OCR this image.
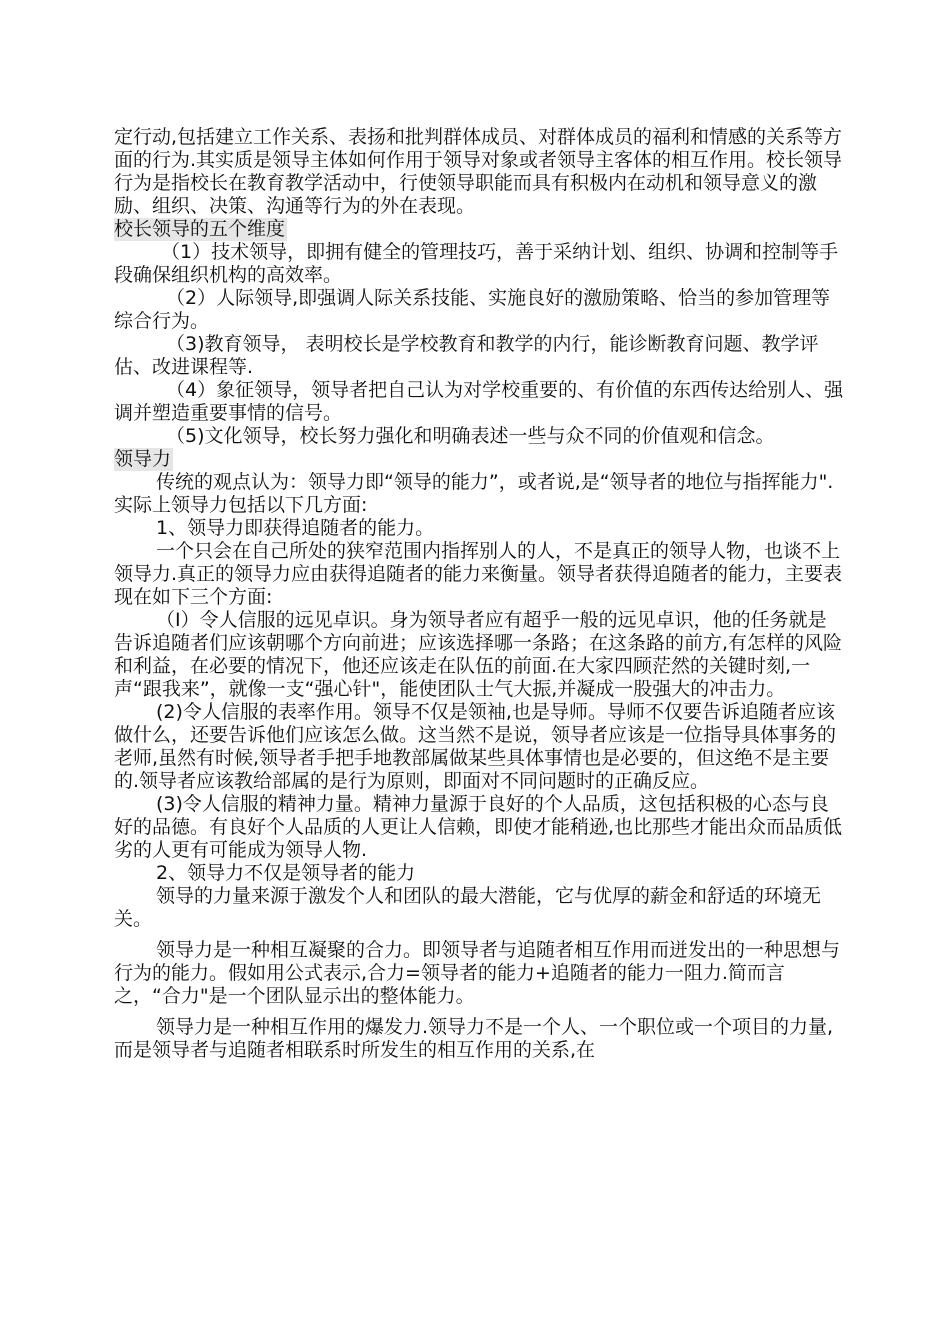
定行动,包括建立工作关系、表扬和批判群体成员、对群体成员的福利和情感的关系等方面的行为.其实质是领导主体如何作用于领导对象或者领导主客体的相互作用。校长领导行为是指校长在教育教学活动中，行使领导职能而具有积极内在动机和领导意义的激励、组织、决策、沟通等行为的外在表现。

校长领导的五个维度

（1）技术领导，即拥有健全的管理技巧，善于采纳计划、组织、协调和控制等手段确保组织机构的高效率。

（2）人际领导,即强调人际关系技能、实施良好的激励策略、恰当的参加管理等综合行为。

（3)教育领导， 表明校长是学校教育和教学的内行，能诊断教育问题、教学评估、改进课程等.

（4）象征领导，领导者把自己认为对学校重要的、有价值的东西传达给别人、强调并塑造重要事情的信号。

（5)文化领导，校长努力强化和明确表述一些与众不同的价值观和信念。

领导力

传统的观点认为：领导力即“领导的能力”，或者说,是“领导者的地位与指挥能力".实际上领导力包括以下几方面:

1、领导力即获得追随者的能力。

一个只会在自己所处的狭窄范围内指挥别人的人，不是真正的领导人物，也谈不上领导力.真正的领导力应由获得追随者的能力来衡量。领导者获得追随者的能力，主要表现在如下三个方面:

（I）令人信服的远见卓识。身为领导者应有超乎一般的远见卓识，他的任务就是告诉追随者们应该朝哪个方向前进；应该选择哪一条路；在这条路的前方,有怎样的风险和利益，在必要的情况下，他还应该走在队伍的前面.在大家四顾茫然的关键时刻,一声“跟我来”，就像一支“强心针"，能使团队士气大振,并凝成一股强大的冲击力。

(2)令人信服的表率作用。领导不仅是领袖,也是导师。导师不仅要告诉追随者应该做什么，还要告诉他们应该怎么做。这当然不是说，领导者应该是一位指导具体事务的老师,虽然有时候,领导者手把手地教部属做某些具体事情也是必要的，但这绝不是主要的.领导者应该教给部属的是行为原则，即面对不同问题时的正确反应。

(3)令人信服的精神力量。精神力量源于良好的个人品质，这包括积极的心态与良好的品德。有良好个人品质的人更让人信赖，即使才能稍逊,也比那些才能出众而品质低劣的人更有可能成为领导人物.

2、领导力不仅是领导者的能力

领导的力量来源于激发个人和团队的最大潜能，它与优厚的薪金和舒适的环境无关。

领导力是一种相互凝聚的合力。即领导者与追随者相互作用而迸发出的一种思想与行为的能力。假如用公式表示,合力=领导者的能力+追随者的能力一阻力.简而言之，“合力"是一个团队显示出的整体能力。

领导力是一种相互作用的爆发力.领导力不是一个人、一个职位或一个项目的力量,而是领导者与追随者相联系时所发生的相互作用的关系,在
